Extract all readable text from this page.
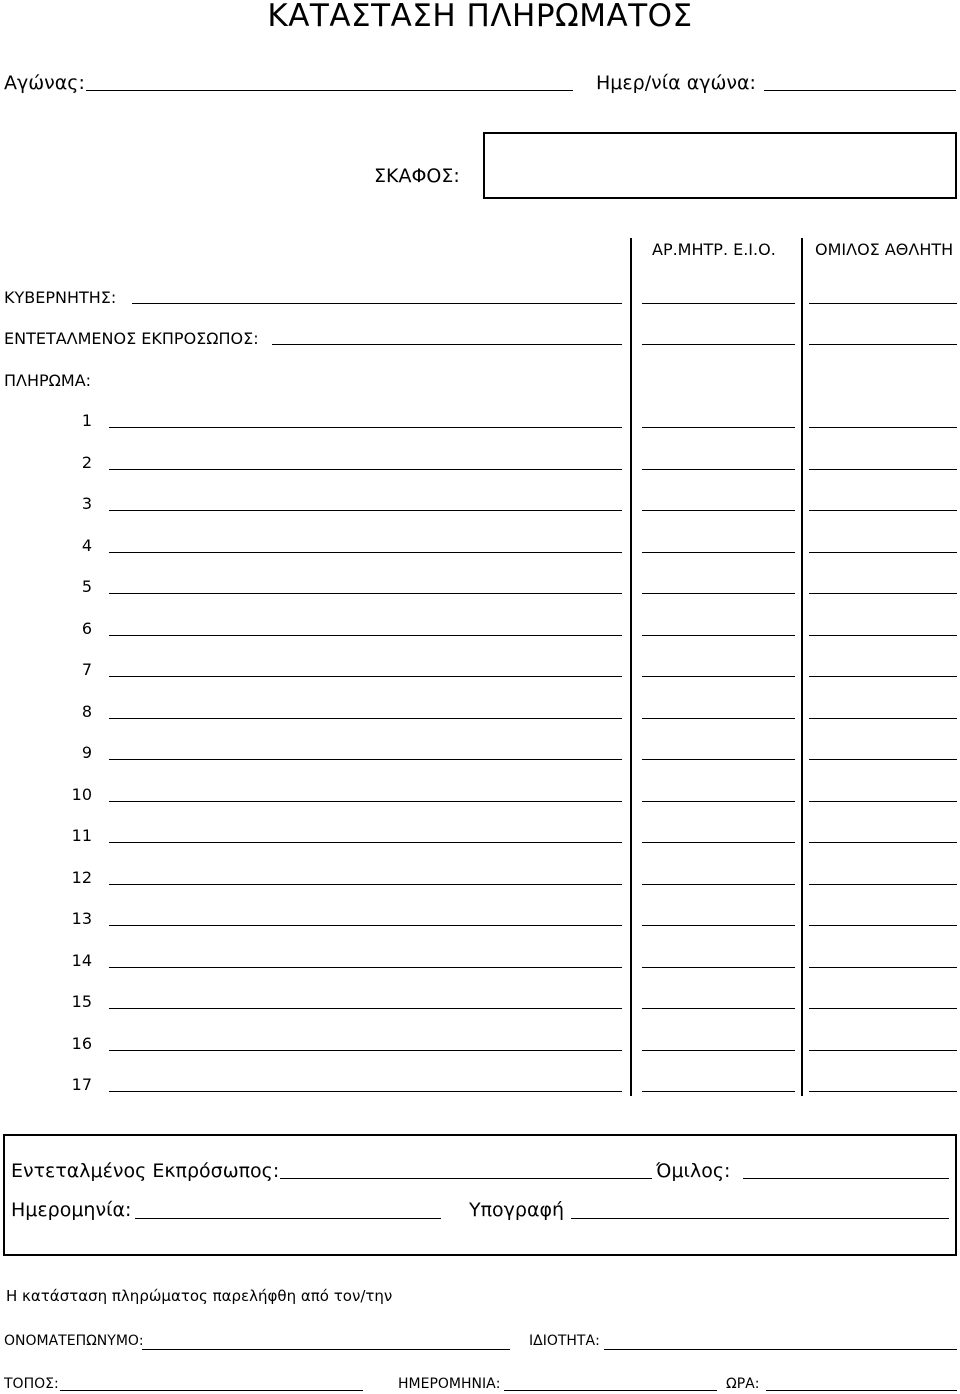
ΚΑΤΑΣΤΑΣΗ ΠΛΗΡΩΜΑΤΟΣ
Αγώνας:	Ημερ/νία αγώνα:
ΣΚΑΦΟΣ:
ΑΡ.ΜΗΤΡ. Ε.Ι.Ο. ΟΜΙΛΟΣ ΑΘΛΗΤΗ
ΚΥΒΕΡΝΗΤΗΣ:
ΕΝΤΕΤΑΛΜΕΝΟΣ ΕΚΠΡΟΣΩΠΟΣ:
ΠΛΗΡΩΜΑ:
1
2
3
4
5
6
7
8
9
10
11
12
13
14
15
16
17
Εντεταλμένος Εκπρόσωπος:	Όμιλος:
Ημερομηνία:	Υπογραφή
Η κατάσταση πληρώματος παρελήφθη από τον/την
ΟΝΟΜΑΤΕΠΩΝΥΜΟ:	ΙΔΙΟΤΗΤΑ:
ΤΟΠΟΣ:	ΗΜΕΡΟΜΗΝΙΑ:	ΩΡΑ:
